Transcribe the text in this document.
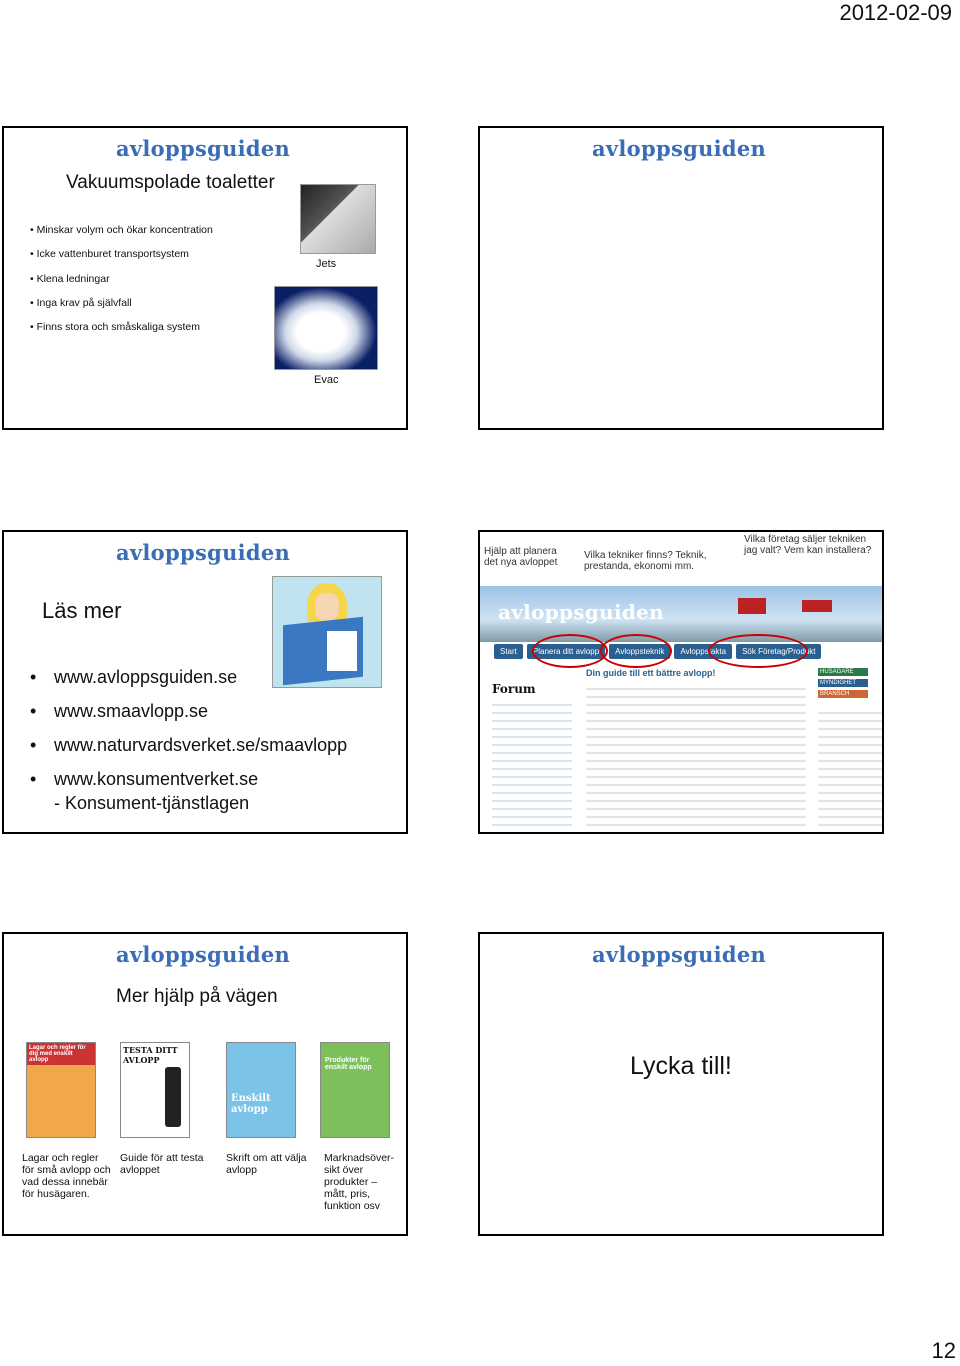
2012-02-09
avloppsguiden
Vakuumspolade toaletter
• Minskar volym och ökar koncentration
• Icke vattenburet transportsystem
• Klena ledningar
• Inga krav på självfall
• Finns stora och småskaliga system
Jets
Evac
avloppsguiden
avloppsguiden
Läs mer
• www.avloppsguiden.se
• www.smaavlopp.se
• www.naturvardsverket.se/smaavlopp
• www.konsumentverket.se
- Konsument-tjänstlagen
Hjälp att planera det nya avloppet
Vilka tekniker finns? Teknik, prestanda, ekonomi mm.
Vilka företag säljer tekniken jag valt? Vem kan installera?
avloppsguiden
Start	Planera ditt avlopp	Avloppsteknik	Avloppsfakta	Sök Företag/Produkt
Forum
Din guide till ett bättre avlopp!	HUSÄGARE
MYNDIGHET
BRANSCH
avloppsguiden
Mer hjälp på vägen
Lagar och regler för dig med enskilt avlopp
TESTA DITT AVLOPP
Enskilt avlopp
Produkter för enskilt avlopp
Lagar och regler för små avlopp och vad dessa innebär för husägaren.
Guide för att testa avloppet
Skrift om att välja avlopp
Marknadsöver-sikt över produkter – mått, pris, funktion osv
avloppsguiden
Lycka till!
12
